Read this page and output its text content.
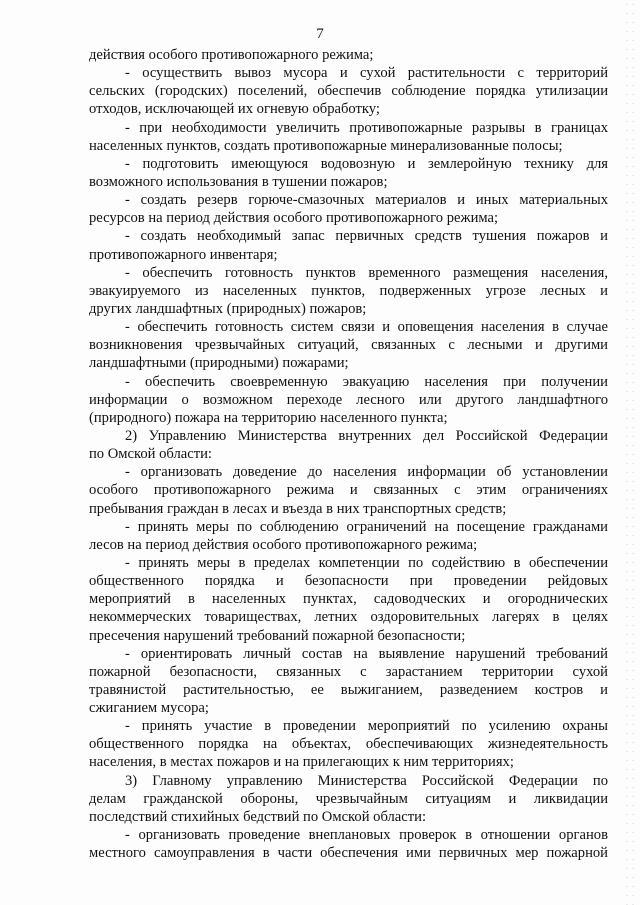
7
действия особого противопожарного режима;
- осуществить вывоз мусора и сухой растительности с территорий
сельских (городских) поселений, обеспечив соблюдение порядка утилизации
отходов, исключающей их огневую обработку;
- при необходимости увеличить противопожарные разрывы в границах
населенных пунктов, создать противопожарные минерализованные полосы;
- подготовить имеющуюся водовозную и землеройную технику для
возможного использования в тушении пожаров;
- создать резерв горюче-смазочных материалов и иных материальных
ресурсов на период действия особого противопожарного режима;
- создать необходимый запас первичных средств тушения пожаров и
противопожарного инвентаря;
- обеспечить готовность пунктов временного размещения населения,
эвакуируемого из населенных пунктов, подверженных угрозе лесных и
других ландшафтных (природных) пожаров;
- обеспечить готовность систем связи и оповещения населения в случае
возникновения чрезвычайных ситуаций, связанных с лесными и другими
ландшафтными (природными) пожарами;
- обеспечить своевременную эвакуацию населения при получении
информации о возможном переходе лесного или другого ландшафтного
(природного) пожара на территорию населенного пункта;
2) Управлению Министерства внутренних дел Российской Федерации
по Омской области:
- организовать доведение до населения информации об установлении
особого противопожарного режима и связанных с этим ограничениях
пребывания граждан в лесах и въезда в них транспортных средств;
- принять меры по соблюдению ограничений на посещение гражданами
лесов на период действия особого противопожарного режима;
- принять меры в пределах компетенции по содействию в обеспечении
общественного порядка и безопасности при проведении рейдовых
мероприятий в населенных пунктах, садоводческих и огороднических
некоммерческих товариществах, летних оздоровительных лагерях в целях
пресечения нарушений требований пожарной безопасности;
- ориентировать личный состав на выявление нарушений требований
пожарной безопасности, связанных с зарастанием территории сухой
травянистой растительностью, ее выжиганием, разведением костров и
сжиганием мусора;
- принять участие в проведении мероприятий по усилению охраны
общественного порядка на объектах, обеспечивающих жизнедеятельность
населения, в местах пожаров и на прилегающих к ним территориях;
3) Главному управлению Министерства Российской Федерации по
делам гражданской обороны, чрезвычайным ситуациям и ликвидации
последствий стихийных бедствий по Омской области:
- организовать проведение внеплановых проверок в отношении органов
местного самоуправления в части обеспечения ими первичных мер пожарной
